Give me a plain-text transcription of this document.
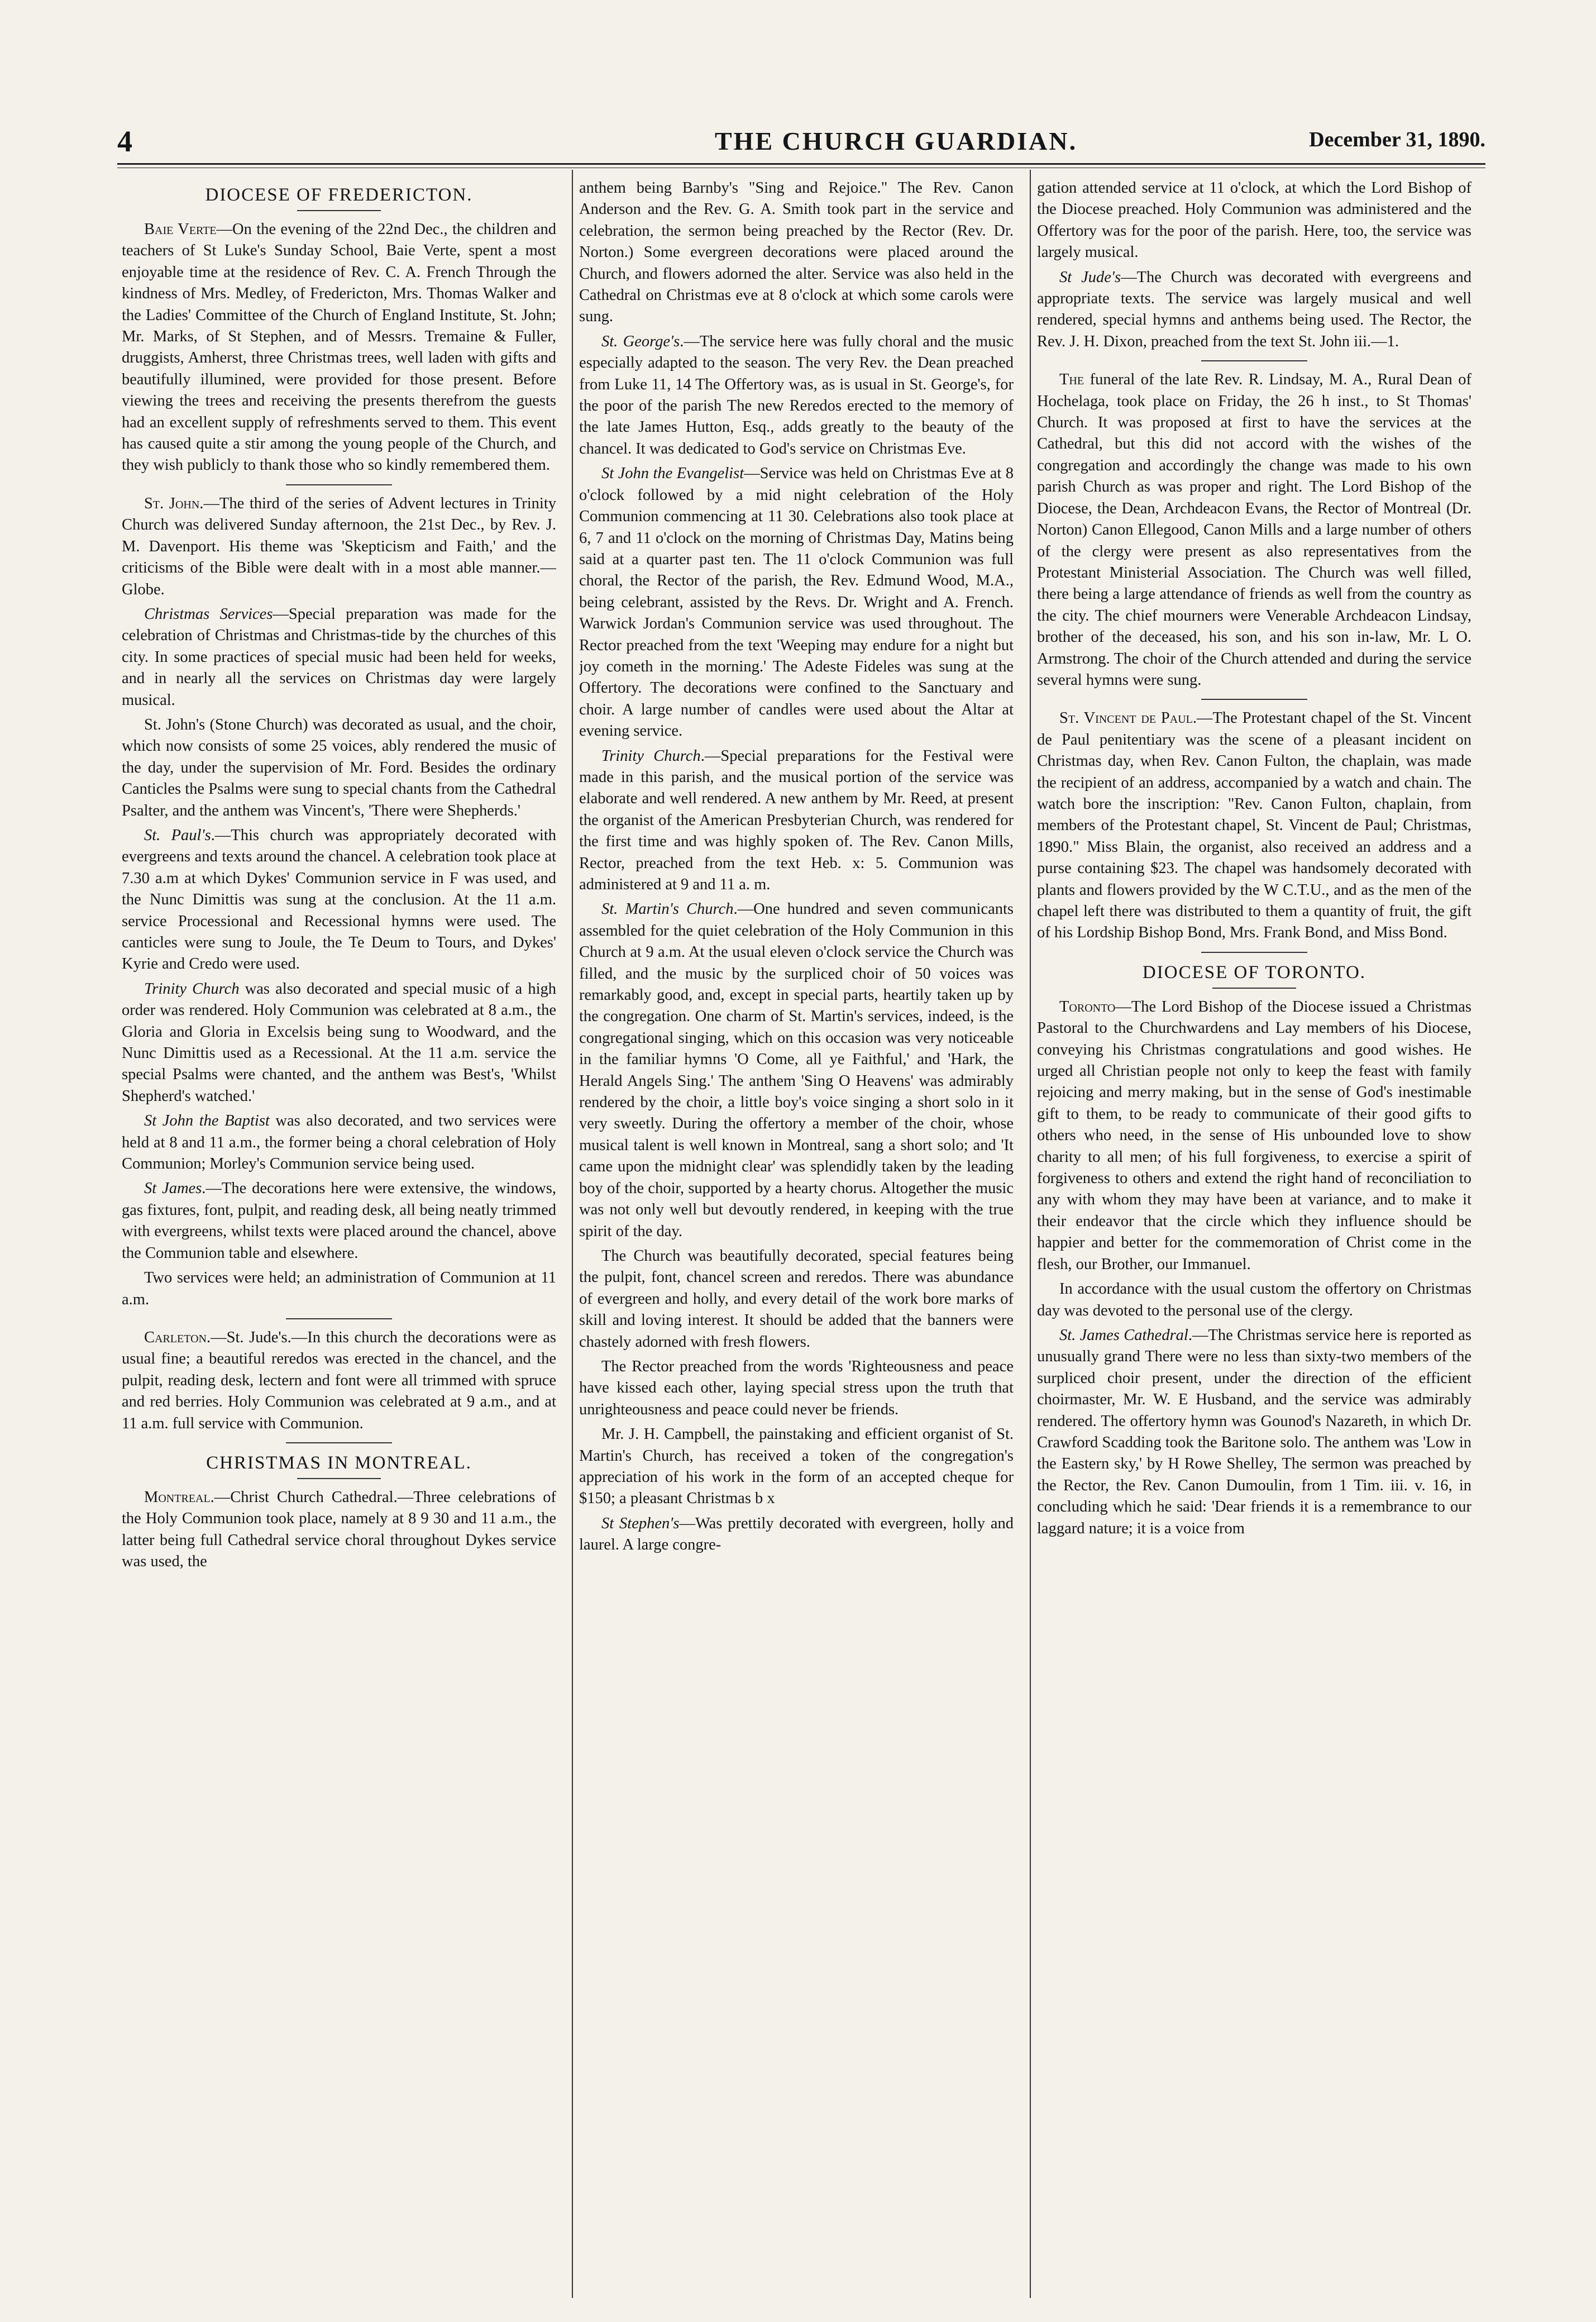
4	THE CHURCH GUARDIAN.	December 31, 1890.
DIOCESE OF FREDERICTON.

Baie Verte—On the evening of the 22nd Dec., the children and teachers of St Luke's Sunday School, Baie Verte, spent a most enjoyable time at the residence of Rev. C. A. French Through the kindness of Mrs. Medley, of Fredericton, Mrs. Thomas Walker and the Ladies' Committee of the Church of England Institute, St. John; Mr. Marks, of St Stephen, and of Messrs. Tremaine & Fuller, druggists, Amherst, three Christmas trees, well laden with gifts and beautifully illumined, were provided for those present. Before viewing the trees and receiving the presents therefrom the guests had an excellent supply of refreshments served to them. This event has caused quite a stir among the young people of the Church, and they wish publicly to thank those who so kindly remembered them.

St. John.—The third of the series of Advent lectures in Trinity Church was delivered Sunday afternoon, the 21st Dec., by Rev. J. M. Davenport. His theme was 'Skepticism and Faith,' and the criticisms of the Bible were dealt with in a most able manner.—Globe.

Christmas Services—Special preparation was made for the celebration of Christmas and Christmas-tide by the churches of this city. In some practices of special music had been held for weeks, and in nearly all the services on Christmas day were largely musical.

St. John's (Stone Church) was decorated as usual, and the choir, which now consists of some 25 voices, ably rendered the music of the day, under the supervision of Mr. Ford. Besides the ordinary Canticles the Psalms were sung to special chants from the Cathedral Psalter, and the anthem was Vincent's, 'There were Shepherds.'

St. Paul's.—This church was appropriately decorated with evergreens and texts around the chancel. A celebration took place at 7.30 a.m at which Dykes' Communion service in F was used, and the Nunc Dimittis was sung at the conclusion. At the 11 a.m. service Processional and Recessional hymns were used. The canticles were sung to Joule, the Te Deum to Tours, and Dykes' Kyrie and Credo were used.

Trinity Church was also decorated and special music of a high order was rendered. Holy Communion was celebrated at 8 a.m., the Gloria and Gloria in Excelsis being sung to Woodward, and the Nunc Dimittis used as a Recessional. At the 11 a.m. service the special Psalms were chanted, and the anthem was Best's, 'Whilst Shepherd's watched.'

St John the Baptist was also decorated, and two services were held at 8 and 11 a.m., the former being a choral celebration of Holy Communion; Morley's Communion service being used.

St James.—The decorations here were extensive, the windows, gas fixtures, font, pulpit, and reading desk, all being neatly trimmed with evergreens, whilst texts were placed around the chancel, above the Communion table and elsewhere.

Two services were held; an administration of Communion at 11 a.m.

Carleton.—St. Jude's.—In this church the decorations were as usual fine; a beautiful reredos was erected in the chancel, and the pulpit, reading desk, lectern and font were all trimmed with spruce and red berries. Holy Communion was celebrated at 9 a.m., and at 11 a.m. full service with Communion.

CHRISTMAS IN MONTREAL.

Montreal.—Christ Church Cathedral.—Three celebrations of the Holy Communion took place, namely at 8 9 30 and 11 a.m., the latter being full Cathedral service choral throughout Dykes service was used, the

anthem being Barnby's "Sing and Rejoice." The Rev. Canon Anderson and the Rev. G. A. Smith took part in the service and celebration, the sermon being preached by the Rector (Rev. Dr. Norton.) Some evergreen decorations were placed around the Church, and flowers adorned the alter. Service was also held in the Cathedral on Christmas eve at 8 o'clock at which some carols were sung.

St. George's.—The service here was fully choral and the music especially adapted to the season. The very Rev. the Dean preached from Luke 11, 14 The Offertory was, as is usual in St. George's, for the poor of the parish The new Reredos erected to the memory of the late James Hutton, Esq., adds greatly to the beauty of the chancel. It was dedicated to God's service on Christmas Eve.

St John the Evangelist—Service was held on Christmas Eve at 8 o'clock followed by a mid night celebration of the Holy Communion commencing at 11 30. Celebrations also took place at 6, 7 and 11 o'clock on the morning of Christmas Day, Matins being said at a quarter past ten. The 11 o'clock Communion was full choral, the Rector of the parish, the Rev. Edmund Wood, M.A., being celebrant, assisted by the Revs. Dr. Wright and A. French. Warwick Jordan's Communion service was used throughout. The Rector preached from the text 'Weeping may endure for a night but joy cometh in the morning.' The Adeste Fideles was sung at the Offertory. The decorations were confined to the Sanctuary and choir. A large number of candles were used about the Altar at evening service.

Trinity Church.—Special preparations for the Festival were made in this parish, and the musical portion of the service was elaborate and well rendered. A new anthem by Mr. Reed, at present the organist of the American Presbyterian Church, was rendered for the first time and was highly spoken of. The Rev. Canon Mills, Rector, preached from the text Heb. x: 5. Communion was administered at 9 and 11 a. m.

St. Martin's Church.—One hundred and seven communicants assembled for the quiet celebration of the Holy Communion in this Church at 9 a.m. At the usual eleven o'clock service the Church was filled, and the music by the surpliced choir of 50 voices was remarkably good, and, except in special parts, heartily taken up by the congregation. One charm of St. Martin's services, indeed, is the congregational singing, which on this occasion was very noticeable in the familiar hymns 'O Come, all ye Faithful,' and 'Hark, the Herald Angels Sing.' The anthem 'Sing O Heavens' was admirably rendered by the choir, a little boy's voice singing a short solo in it very sweetly. During the offertory a member of the choir, whose musical talent is well known in Montreal, sang a short solo; and 'It came upon the midnight clear' was splendidly taken by the leading boy of the choir, supported by a hearty chorus. Altogether the music was not only well but devoutly rendered, in keeping with the true spirit of the day.

The Church was beautifully decorated, special features being the pulpit, font, chancel screen and reredos. There was abundance of evergreen and holly, and every detail of the work bore marks of skill and loving interest. It should be added that the banners were chastely adorned with fresh flowers.

The Rector preached from the words 'Righteousness and peace have kissed each other, laying special stress upon the truth that unrighteousness and peace could never be friends.

Mr. J. H. Campbell, the painstaking and efficient organist of St. Martin's Church, has received a token of the congregation's appreciation of his work in the form of an accepted cheque for $150; a pleasant Christmas b x

St Stephen's—Was prettily decorated with evergreen, holly and laurel. A large congre-

gation attended service at 11 o'clock, at which the Lord Bishop of the Diocese preached. Holy Communion was administered and the Offertory was for the poor of the parish. Here, too, the service was largely musical.

St Jude's—The Church was decorated with evergreens and appropriate texts. The service was largely musical and well rendered, special hymns and anthems being used. The Rector, the Rev. J. H. Dixon, preached from the text St. John iii.—1.

The funeral of the late Rev. R. Lindsay, M. A., Rural Dean of Hochelaga, took place on Friday, the 26 h inst., to St Thomas' Church. It was proposed at first to have the services at the Cathedral, but this did not accord with the wishes of the congregation and accordingly the change was made to his own parish Church as was proper and right. The Lord Bishop of the Diocese, the Dean, Archdeacon Evans, the Rector of Montreal (Dr. Norton) Canon Ellegood, Canon Mills and a large number of others of the clergy were present as also representatives from the Protestant Ministerial Association. The Church was well filled, there being a large attendance of friends as well from the country as the city. The chief mourners were Venerable Archdeacon Lindsay, brother of the deceased, his son, and his son in-law, Mr. L O. Armstrong. The choir of the Church attended and during the service several hymns were sung.

St. Vincent de Paul.—The Protestant chapel of the St. Vincent de Paul penitentiary was the scene of a pleasant incident on Christmas day, when Rev. Canon Fulton, the chaplain, was made the recipient of an address, accompanied by a watch and chain. The watch bore the inscription: "Rev. Canon Fulton, chaplain, from members of the Protestant chapel, St. Vincent de Paul; Christmas, 1890." Miss Blain, the organist, also received an address and a purse containing $23. The chapel was handsomely decorated with plants and flowers provided by the W C.T.U., and as the men of the chapel left there was distributed to them a quantity of fruit, the gift of his Lordship Bishop Bond, Mrs. Frank Bond, and Miss Bond.

DIOCESE OF TORONTO.

Toronto—The Lord Bishop of the Diocese issued a Christmas Pastoral to the Churchwardens and Lay members of his Diocese, conveying his Christmas congratulations and good wishes. He urged all Christian people not only to keep the feast with family rejoicing and merry making, but in the sense of God's inestimable gift to them, to be ready to communicate of their good gifts to others who need, in the sense of His unbounded love to show charity to all men; of his full forgiveness, to exercise a spirit of forgiveness to others and extend the right hand of reconciliation to any with whom they may have been at variance, and to make it their endeavor that the circle which they influence should be happier and better for the commemoration of Christ come in the flesh, our Brother, our Immanuel.

In accordance with the usual custom the offertory on Christmas day was devoted to the personal use of the clergy.

St. James Cathedral.—The Christmas service here is reported as unusually grand There were no less than sixty-two members of the surpliced choir present, under the direction of the efficient choirmaster, Mr. W. E Husband, and the service was admirably rendered. The offertory hymn was Gounod's Nazareth, in which Dr. Crawford Scadding took the Baritone solo. The anthem was 'Low in the Eastern sky,' by H Rowe Shelley, The sermon was preached by the Rector, the Rev. Canon Dumoulin, from 1 Tim. iii. v. 16, in concluding which he said: 'Dear friends it is a remembrance to our laggard nature; it is a voice from
